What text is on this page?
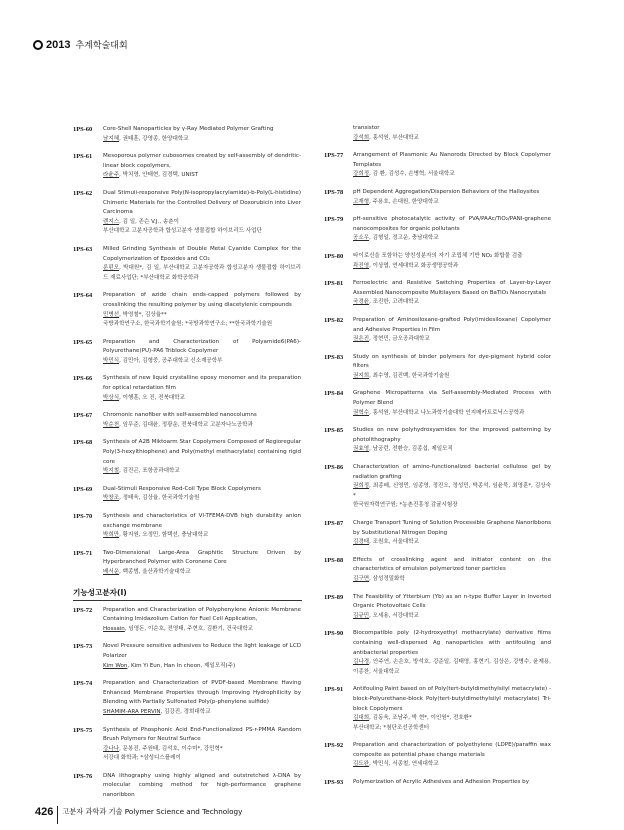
2013 추계학술대회
1PS-60 Core-Shell Nanoparticles by γ-Ray Mediated Polymer Grafting
남지혜, 권태훈, 강영종, 한양대학교
1PS-61 Mesoporous polymer cubosomes created by self-assembly of dendritic-linear block copolymers,
라윤주, 박치영, 안태현, 김경택, UNIST
1PS-62 Dual Stimuli-responsive Poly(N-isopropylacrylamide)-b-Poly(L-histidine) Chimeric Materials for the Controlled Delivery of Doxorubicin into Liver Carcinoma
렌지스, 김 일, 존슨 V.J., 송춘이
부산대학교 고분자공학과 합성고분자 생물접합 하이브리드 사업단
1PS-63 Milled Grinding Synthesis of Double Metal Cyanide Complex for the Copolymerization of Epoxides and CO₂
룬펀모, 박대원*, 김 일, 부산대학교 고분자공학과 합성고분자 생물접합 하이브리드 재료사업단; *부산대학교 화학공학과
1PS-64 Preparation of azide chain ends-capped polymers followed by crosslinking the resulting polymer by using diacetylenic compounds
민병선, 박영철*, 김상율**
국방과학연구소, 한국과학기술원; *국방과학연구소; **한국과학기술원
1PS-65 Preparation and Characterization of Polyamide6(PA6)-Polyurethane(PU)-PA6 Triblock Copolymer
박민식, 김민아, 김형중, 공주대학교 신소재공학부
1PS-66 Synthesis of new liquid crystalline epoxy monomer and its preparation for optical retardation film
박상식, 이행훈, 오 진, 전북대학교
1PS-67 Chromonic nanofiber with self-assembled nanocolumns
박순천, 임무준, 김대윤, 정광운, 전북대학교 고분자나노공학과
1PS-68 Synthesis of A2B Miktoarm Star Copolymers Composed of Regioregular Poly(3-hexylthiophene) and Poly(methyl methacrylate) containing rigid core
박지철, 김진곤, 포항공과대학교
1PS-69 Dual-Stimuli Responsive Rod-Coil Type Block Copolymers
박창조, 정태욱, 김상율, 한국과학기술원
1PS-70 Synthesis and characteristics of VI-TFEMA-DVB high durability anion exchange membrane
박희만, 황지원, 오정민, 함택선, 충남대학교
1PS-71 Two-Dimensional Large-Area Graphitic Structure Driven by Hyperbranched Polymer with Coronene Core
배서운, 백종범, 울산과학기술대학교
기능성고분자(I)
1PS-72 Preparation and Characterization of Polyphenylene Anionic Membrane Containing Imidazolium Cation for Fuel Cell Application,
Hossain, 임영돈, 이순호, 전영태, 주현호, 김환기, 건국대학교
1PS-73 Novel Pressure sensitive adhesives to Reduce the light leakage of LCD Polarizer
Kim Won, Kim Yi Eun, Han In cheon, 제일모직(주)
1PS-74 Preparation and Characterization of PVDF-based Membrane Having Enhanced Membrane Properties through Improving Hydrophilicity by Blending with Partially Sulfonated Poly(p-phenylene sulfide)
SHAMIM-ARA PERVIN, 김강진, 경희대학교
1PS-75 Synthesis of Phosphonic Acid End-Functionalized PS-r-PMMA Random Brush Polymers for Neutral Surface
강나나, 문봉진, 주원태, 김석호, 이수미*, 강민혁*
서강대 화학과; *삼성디스플레이
1PS-76 DNA lithography using highly aligned and outstretched λ-DNA by molecular combing method for high-performance graphene nanoribbon
transistor
강석희, 홍석원, 부산대학교
1PS-77 Arrangement of Plasmonic Au Nanorods Directed by Block Copolymer Templates
강희정, 김 환, 김성수, 손병혁, 서울대학교
1PS-78 pH Dependent Aggregation/Dispersion Behaviors of the Halloysites
고재형, 주용호, 손대원, 한양대학교
1PS-79 pH-sensitive photocatalytic activity of PVA/PAAc/TiO₂/PANI-graphene nanocomposites for organic pollutants
공소우, 김형일, 정고운, 충남대학교
1PS-80 타이로신을 포함하는 양친성분자의 자기 조립체 기반 NO₂ 화합물 검출
곽진영, 이상엽, 연세대학교 화공생명공학과
1PS-81 Ferroelectric and Resistive Switching Properties of Layer-by-Layer Assembled Nanocomposite Multilayers Based on BaTiO₃ Nanocrystals
국경윤, 조진한, 고려대학교
1PS-82 Preparation of Aminosiloxane-grafted Poly(imidesiloxane) Copolymer and Adhesive Properties in Film
권은진, 정현민, 금오공과대학교
1PS-83 Study on synthesis of binder polymers for dye-pigment hybrid color filters
권지희, 최수영, 김진백, 한국과학기술원
1PS-84 Graphene Micropatterns via Self-assembly-Mediated Process with Polymer Blend
권혁수, 홍석원, 부산대학교 나노과학기술대학 인지메카트로닉스공학과
1PS-85 Studies on new polyhydroxyamides for the improved patterning by photolithography
권효영, 남궁런, 전환승, 김종섭, 제일모직
1PS-86 Characterization of amino-functionalized bacterial cellulose gel by radiation grafting
권희정, 최종배, 신영민, 임종영, 정진오, 정성민, 박종석, 임윤묵, 최영훈*, 김상숙*
한국원자력연구원; *농촌진흥청 감귤시험장
1PS-87 Charge Transport Tuning of Solution Processible Graphene Nanoribbons by Substitutional Nitrogen Doping
김경태, 조원호, 서울대학교
1PS-88 Effects of crosslinking agent and initiator content on the characteristics of emulsion polymerized toner particles
김구면, 삼성정밀화학
1PS-89 The Feasibility of Ytterbium (Yb) as an n-type Buffer Layer in Inverted Organic Photovoltaic Cells
김규민, 오세용, 서강대학교
1PS-90 Biocompatible poly (2-hydroxyethyl methacrylate) derivative films containing well-dispersed Ag nanoparticles with antifouling and antibacterial properties
김나경, 안주연, 손은호, 방석호, 강준일, 김태영, 홍현기, 김상은, 강병수, 윤제용, 이종찬, 서울대학교
1PS-91 Antifouling Paint based on of Poly(tert-butyldimethylsilyl metacrylate) -block-Polyurethane-block Poly(tert-butyldimethylsilyl metacrylate) Tri-block Copolymers
김대희, 김동욱, 조남주, 박 현*, 이인원*, 전호환*
부산대학교; *첨단조선공학센터
1PS-92 Preparation and characterization of polyethylene (LDPE)/paraffin wax composite as potential phase change materials
김도완, 박민식, 서종철, 연세대학교
1PS-93 Polymerization of Acrylic Adhesives and Adhesion Properties by
426 고분자 과학과 기술 Polymer Science and Technology
